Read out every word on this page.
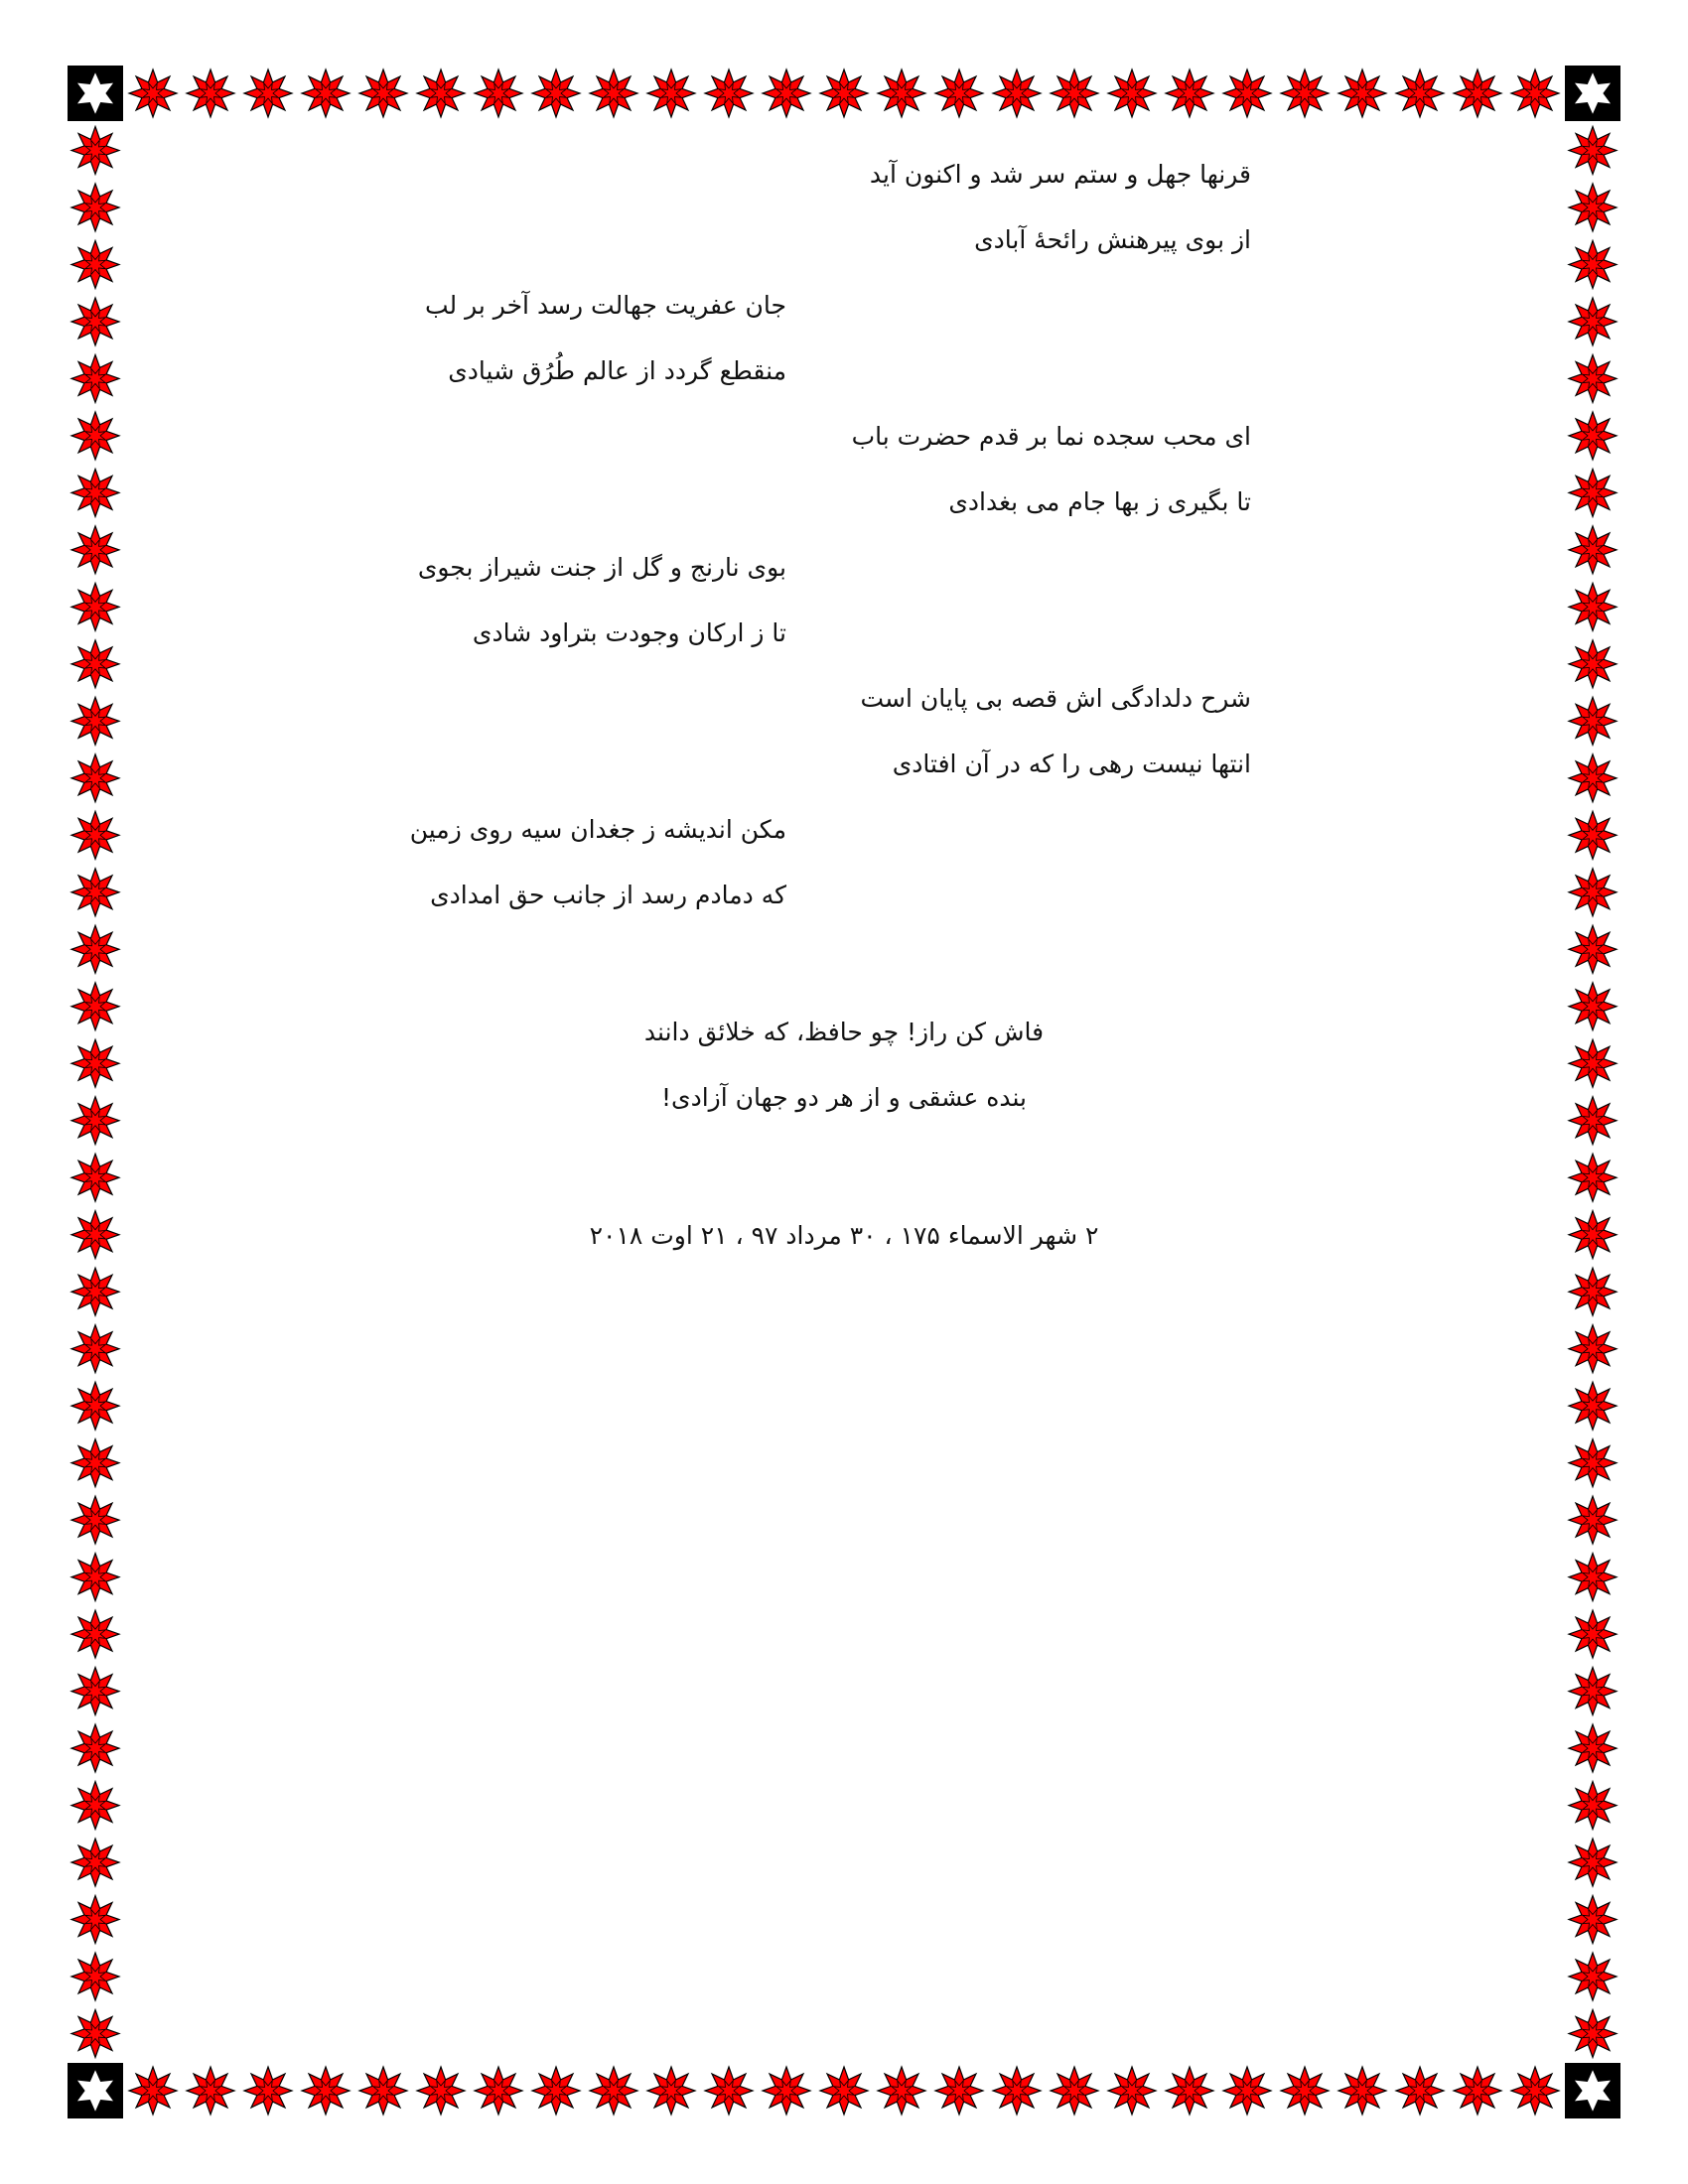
قرنها جهل و ستم سر شد و اکنون آید
از بوی پیرهنش رائحهٔ آبادی
جان عفریت جهالت رسد آخر بر لب
منقطع گردد از عالم طُرُق شیادی
ای محب سجده نما بر قدم حضرت باب
تا بگیری ز بها جام می بغدادی
بوی نارنج و گل از جنت شیراز بجوی
تا ز ارکان وجودت بتراود شادی
شرح دلدادگی اش قصه بی پایان است
انتها نیست رهی را که در آن افتادی
مکن اندیشه ز جغدان سیه روی زمین
که دمادم رسد از جانب حق امدادی
فاش کن راز! چو حافظ، که خلائق دانند
بنده عشقی و از هر دو جهان آزادی!
۲ شهر الاسماء ۱۷۵ ، ۳۰ مرداد ۹۷ ، ۲۱ اوت ۲۰۱۸
